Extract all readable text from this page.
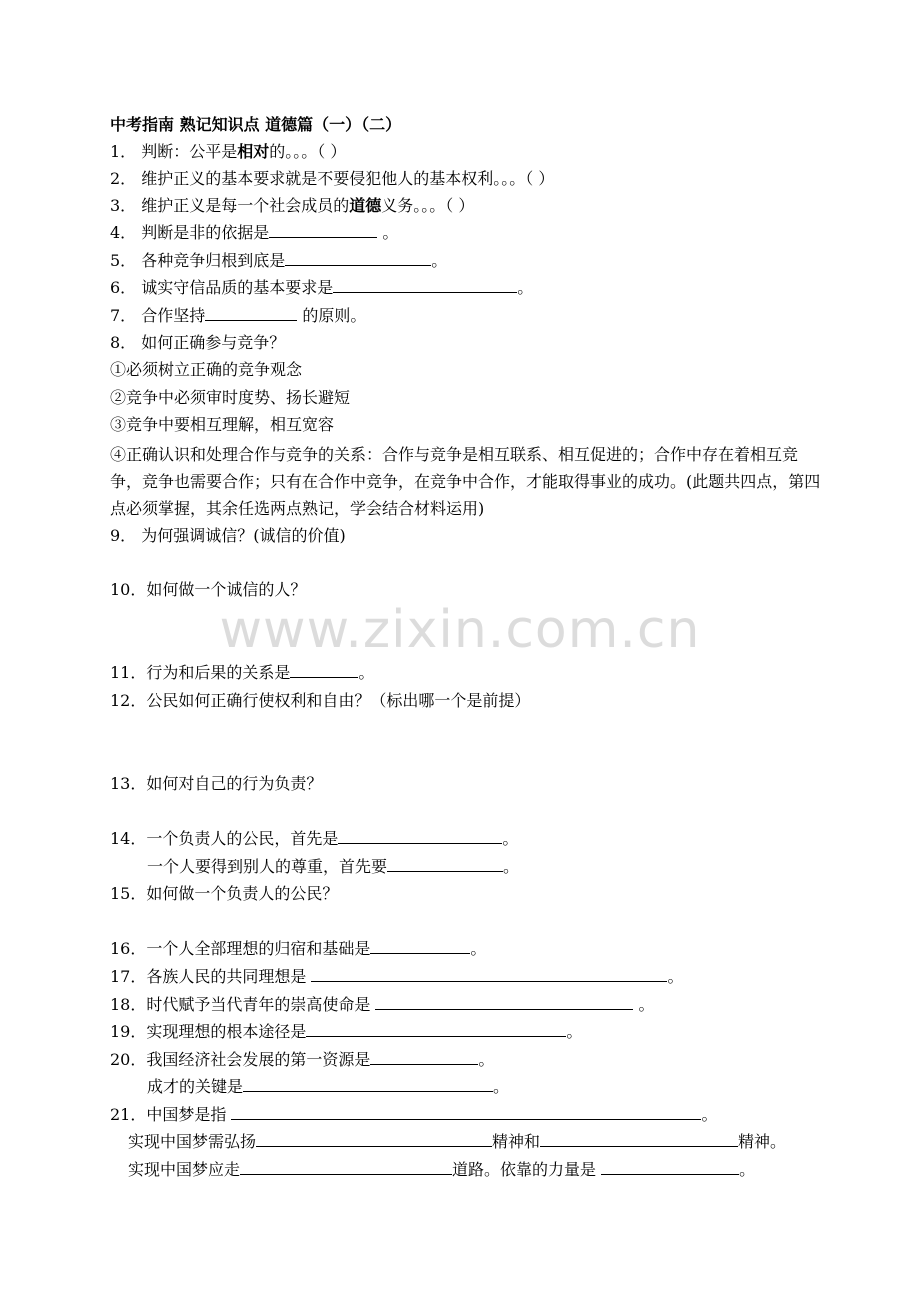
www.zixin.com.cn
中考指南 熟记知识点 道德篇（一）（二）
1． 判断：公平是相对的。。。（ ）
2． 维护正义的基本要求就是不要侵犯他人的基本权利。。。（ ）
3． 维护正义是每一个社会成员的道德义务。。。（ ）
4． 判断是非的依据是	。
5． 各种竞争归根到底是	。
6． 诚实守信品质的基本要求是	。
7． 合作坚持	的原则。
8． 如何正确参与竞争？
①必须树立正确的竞争观念
②竞争中必须审时度势、扬长避短
③竞争中要相互理解，相互宽容
④正确认识和处理合作与竞争的关系：合作与竞争是相互联系、相互促进的；合作中存在着相互竞争，竞争也需要合作；只有在合作中竞争，在竞争中合作，才能取得事业的成功。(此题共四点，第四点必须掌握，其余任选两点熟记，学会结合材料运用)
9． 为何强调诚信？(诚信的价值)
10．如何做一个诚信的人？
11．行为和后果的关系是	。
12．公民如何正确行使权利和自由？（标出哪一个是前提）
13．如何对自己的行为负责？
14．一个负责人的公民，首先是	。
一个人要得到别人的尊重，首先要	。
15．如何做一个负责人的公民？
16．一个人全部理想的归宿和基础是	。
17．各族人民的共同理想是	。
18．时代赋予当代青年的崇高使命是	。
19．实现理想的根本途径是	。
20．我国经济社会发展的第一资源是	。
成才的关键是	。
21．中国梦是指	。
实现中国梦需弘扬	精神和	精神。
实现中国梦应走	道路。依靠的力量是	。
